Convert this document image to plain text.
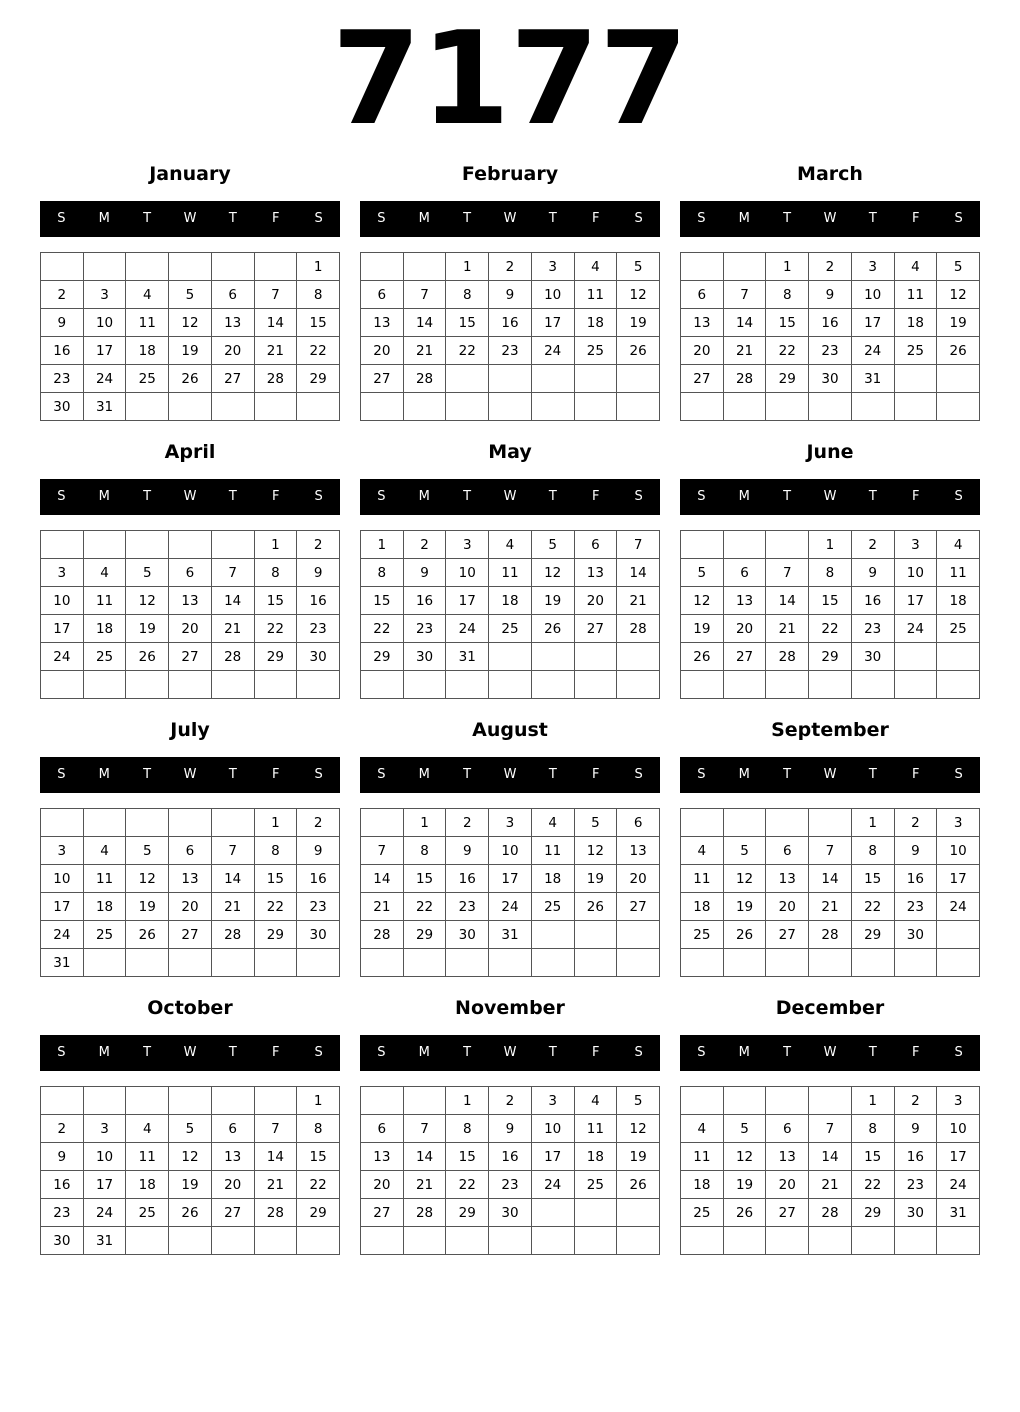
7177
January
S	M	T	W	T	F	S
						1
2	3	4	5	6	7	8
9	10	11	12	13	14	15
16	17	18	19	20	21	22
23	24	25	26	27	28	29
30	31					
February
S	M	T	W	T	F	S
		1	2	3	4	5
6	7	8	9	10	11	12
13	14	15	16	17	18	19
20	21	22	23	24	25	26
27	28					

March
S	M	T	W	T	F	S
		1	2	3	4	5
6	7	8	9	10	11	12
13	14	15	16	17	18	19
20	21	22	23	24	25	26
27	28	29	30	31		

April
S	M	T	W	T	F	S
					1	2
3	4	5	6	7	8	9
10	11	12	13	14	15	16
17	18	19	20	21	22	23
24	25	26	27	28	29	30

May
S	M	T	W	T	F	S
1	2	3	4	5	6	7
8	9	10	11	12	13	14
15	16	17	18	19	20	21
22	23	24	25	26	27	28
29	30	31				

June
S	M	T	W	T	F	S
			1	2	3	4
5	6	7	8	9	10	11
12	13	14	15	16	17	18
19	20	21	22	23	24	25
26	27	28	29	30		

July
S	M	T	W	T	F	S
					1	2
3	4	5	6	7	8	9
10	11	12	13	14	15	16
17	18	19	20	21	22	23
24	25	26	27	28	29	30
31						
August
S	M	T	W	T	F	S
	1	2	3	4	5	6
7	8	9	10	11	12	13
14	15	16	17	18	19	20
21	22	23	24	25	26	27
28	29	30	31			

September
S	M	T	W	T	F	S
				1	2	3
4	5	6	7	8	9	10
11	12	13	14	15	16	17
18	19	20	21	22	23	24
25	26	27	28	29	30	

October
S	M	T	W	T	F	S
						1
2	3	4	5	6	7	8
9	10	11	12	13	14	15
16	17	18	19	20	21	22
23	24	25	26	27	28	29
30	31					
November
S	M	T	W	T	F	S
		1	2	3	4	5
6	7	8	9	10	11	12
13	14	15	16	17	18	19
20	21	22	23	24	25	26
27	28	29	30			

December
S	M	T	W	T	F	S
				1	2	3
4	5	6	7	8	9	10
11	12	13	14	15	16	17
18	19	20	21	22	23	24
25	26	27	28	29	30	31
